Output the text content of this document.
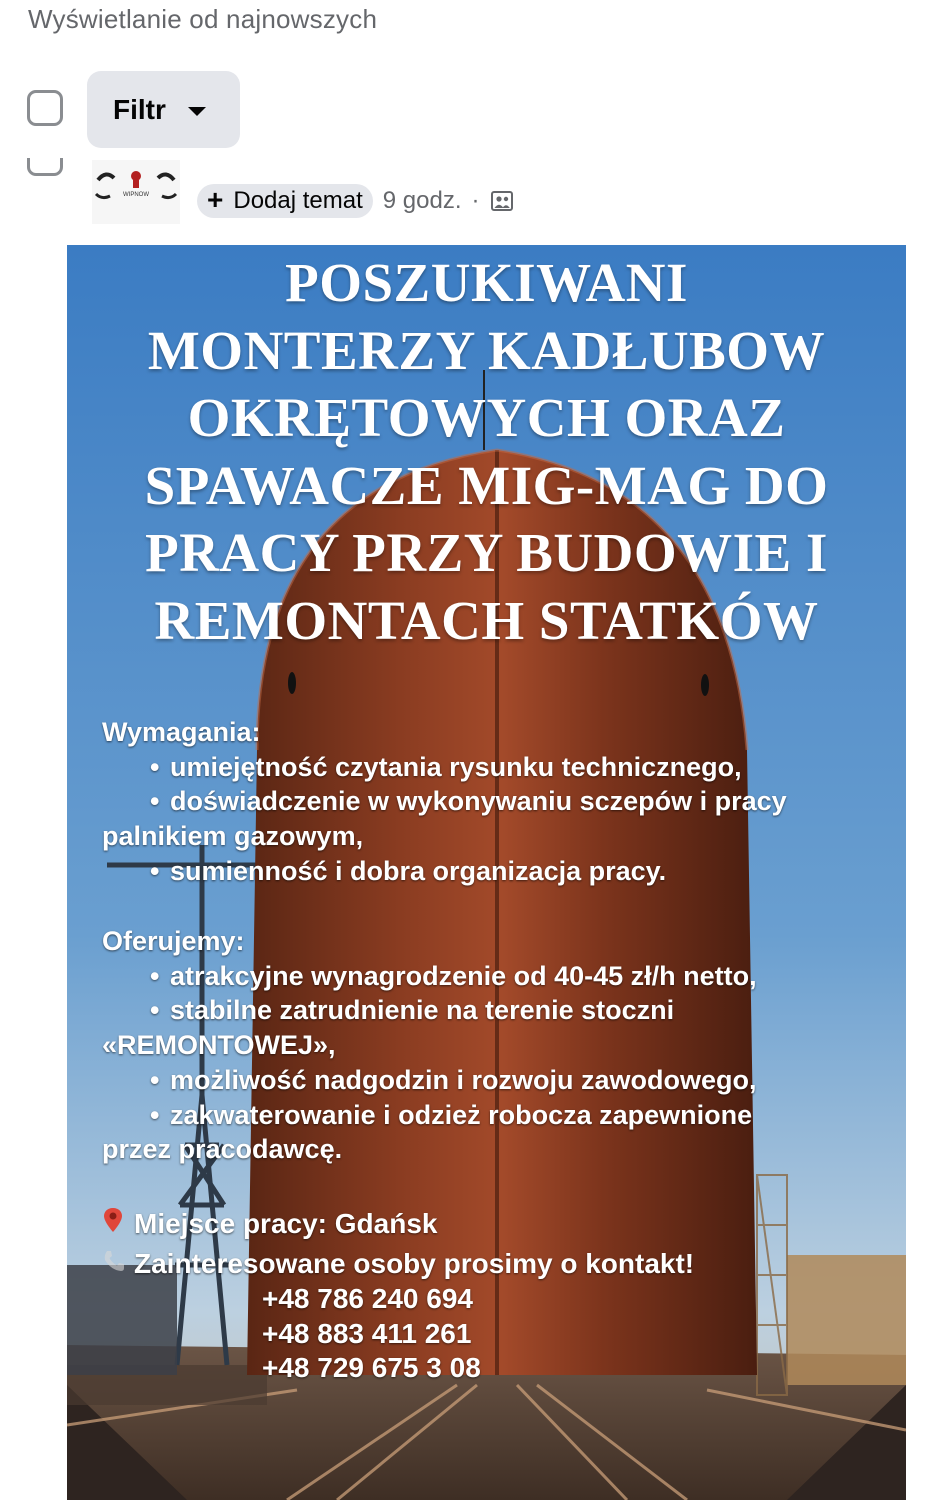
Wyświetlanie od najnowszych
Filtr
WIPNOW + Dodaj temat 9 godz. ·
POSZUKIWANI
MONTERZY KADŁUBOW
OKRĘTOWYCH ORAZ
SPAWACZE MIG-MAG DO
PRACY PRZY BUDOWIE I
REMONTACH STATKÓW
Wymagania:
• umiejętność czytania rysunku technicznego,
• doświadczenie w wykonywaniu sczepów i pracy
palnikiem gazowym,
• sumienność i dobra organizacja pracy.
Oferujemy:
• atrakcyjne wynagrodzenie od 40-45 zł/h netto,
• stabilne zatrudnienie na terenie stoczni
«REMONTOWEJ»,
• możliwość nadgodzin i rozwoju zawodowego,
• zakwaterowanie i odzież robocza zapewnione
przez pracodawcę.
Miejsce pracy: Gdańsk
Zainteresowane osoby prosimy o kontakt!
+48 786 240 694
+48 883 411 261
+48 729 675 3 08
